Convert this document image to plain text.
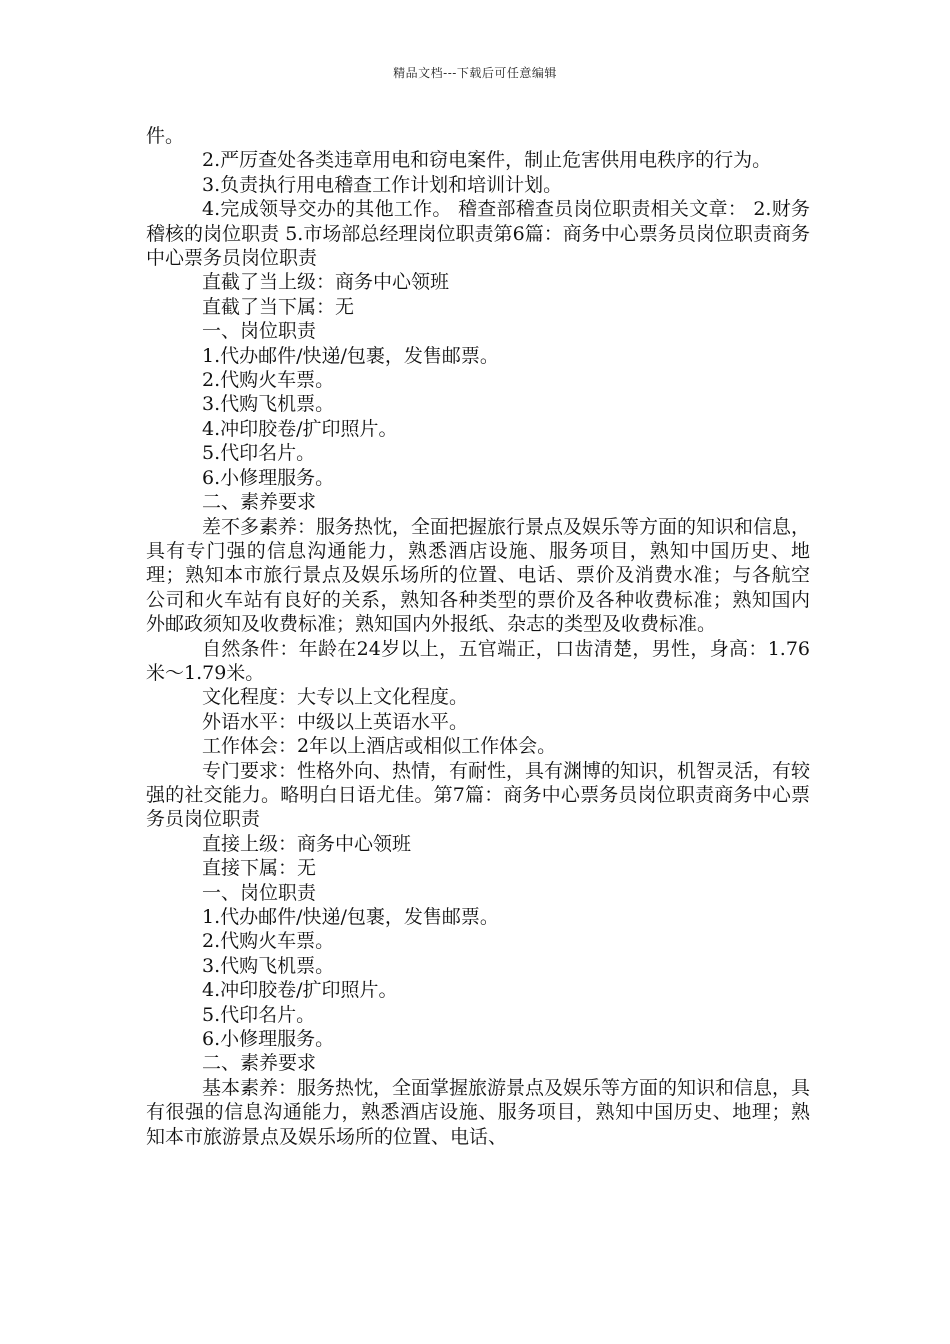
精品文档---下载后可任意编辑

件。

2.严厉查处各类违章用电和窃电案件，制止危害供用电秩序的行为。

3.负责执行用电稽查工作计划和培训计划。

4.完成领导交办的其他工作。 稽查部稽查员岗位职责相关文章： 2.财务稽核的岗位职责 5.市场部总经理岗位职责第6篇：商务中心票务员岗位职责商务中心票务员岗位职责

直截了当上级：商务中心领班

直截了当下属：无

一、岗位职责

1.代办邮件/快递/包裹，发售邮票。

2.代购火车票。

3.代购飞机票。

4.冲印胶卷/扩印照片。

5.代印名片。

6.小修理服务。

二、素养要求

差不多素养：服务热忱，全面把握旅行景点及娱乐等方面的知识和信息，具有专门强的信息沟通能力，熟悉酒店设施、服务项目，熟知中国历史、地理；熟知本市旅行景点及娱乐场所的位置、电话、票价及消费水准；与各航空公司和火车站有良好的关系，熟知各种类型的票价及各种收费标准；熟知国内外邮政须知及收费标准；熟知国内外报纸、杂志的类型及收费标准。

自然条件：年龄在24岁以上，五官端正，口齿清楚，男性，身高：1.76米～1.79米。

文化程度：大专以上文化程度。

外语水平：中级以上英语水平。

工作体会：2年以上酒店或相似工作体会。

专门要求：性格外向、热情，有耐性，具有渊博的知识，机智灵活，有较强的社交能力。略明白日语尤佳。第7篇：商务中心票务员岗位职责商务中心票务员岗位职责

直接上级：商务中心领班

直接下属：无

一、岗位职责

1.代办邮件/快递/包裹，发售邮票。

2.代购火车票。

3.代购飞机票。

4.冲印胶卷/扩印照片。

5.代印名片。

6.小修理服务。

二、素养要求

基本素养：服务热忱，全面掌握旅游景点及娱乐等方面的知识和信息，具有很强的信息沟通能力，熟悉酒店设施、服务项目，熟知中国历史、地理；熟知本市旅游景点及娱乐场所的位置、电话、
